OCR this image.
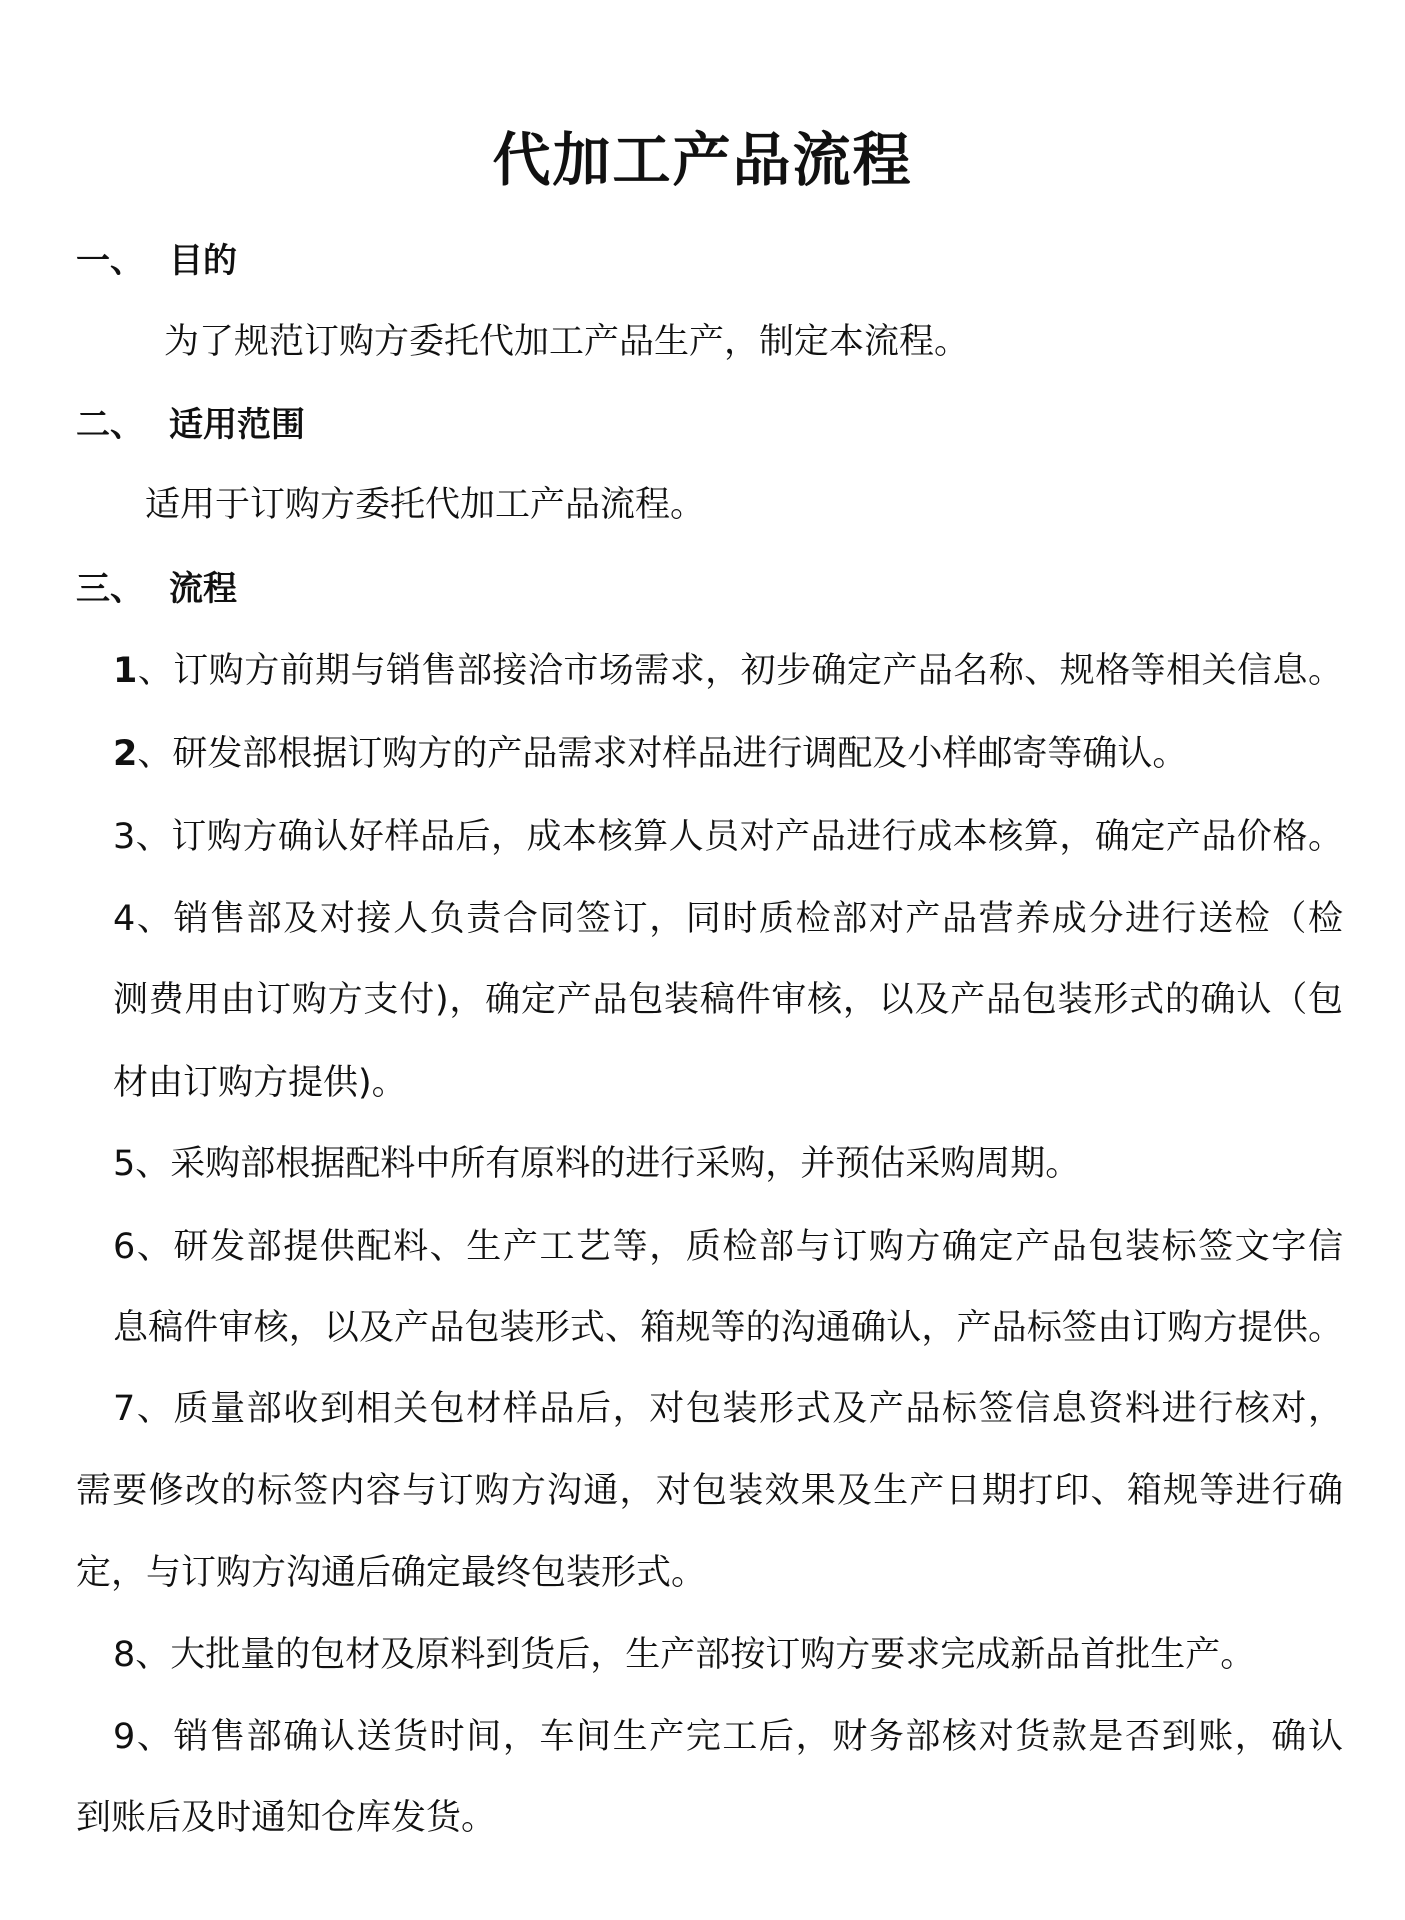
代加工产品流程
一、 目的
为了规范订购方委托代加工产品生产，制定本流程。
二、 适用范围
适用于订购方委托代加工产品流程。
三、 流程
1、订购方前期与销售部接洽市场需求，初步确定产品名称、规格等相关信息。
2、研发部根据订购方的产品需求对样品进行调配及小样邮寄等确认。
3、订购方确认好样品后，成本核算人员对产品进行成本核算，确定产品价格。
4、销售部及对接人负责合同签订，同时质检部对产品营养成分进行送检（检
测费用由订购方支付)，确定产品包装稿件审核，以及产品包装形式的确认（包
材由订购方提供)。
5、采购部根据配料中所有原料的进行采购，并预估采购周期。
6、研发部提供配料、生产工艺等，质检部与订购方确定产品包装标签文字信
息稿件审核，以及产品包装形式、箱规等的沟通确认，产品标签由订购方提供。
7、质量部收到相关包材样品后，对包装形式及产品标签信息资料进行核对，
需要修改的标签内容与订购方沟通，对包装效果及生产日期打印、箱规等进行确
定，与订购方沟通后确定最终包装形式。
8、大批量的包材及原料到货后，生产部按订购方要求完成新品首批生产。
9、销售部确认送货时间，车间生产完工后，财务部核对货款是否到账，确认
到账后及时通知仓库发货。
